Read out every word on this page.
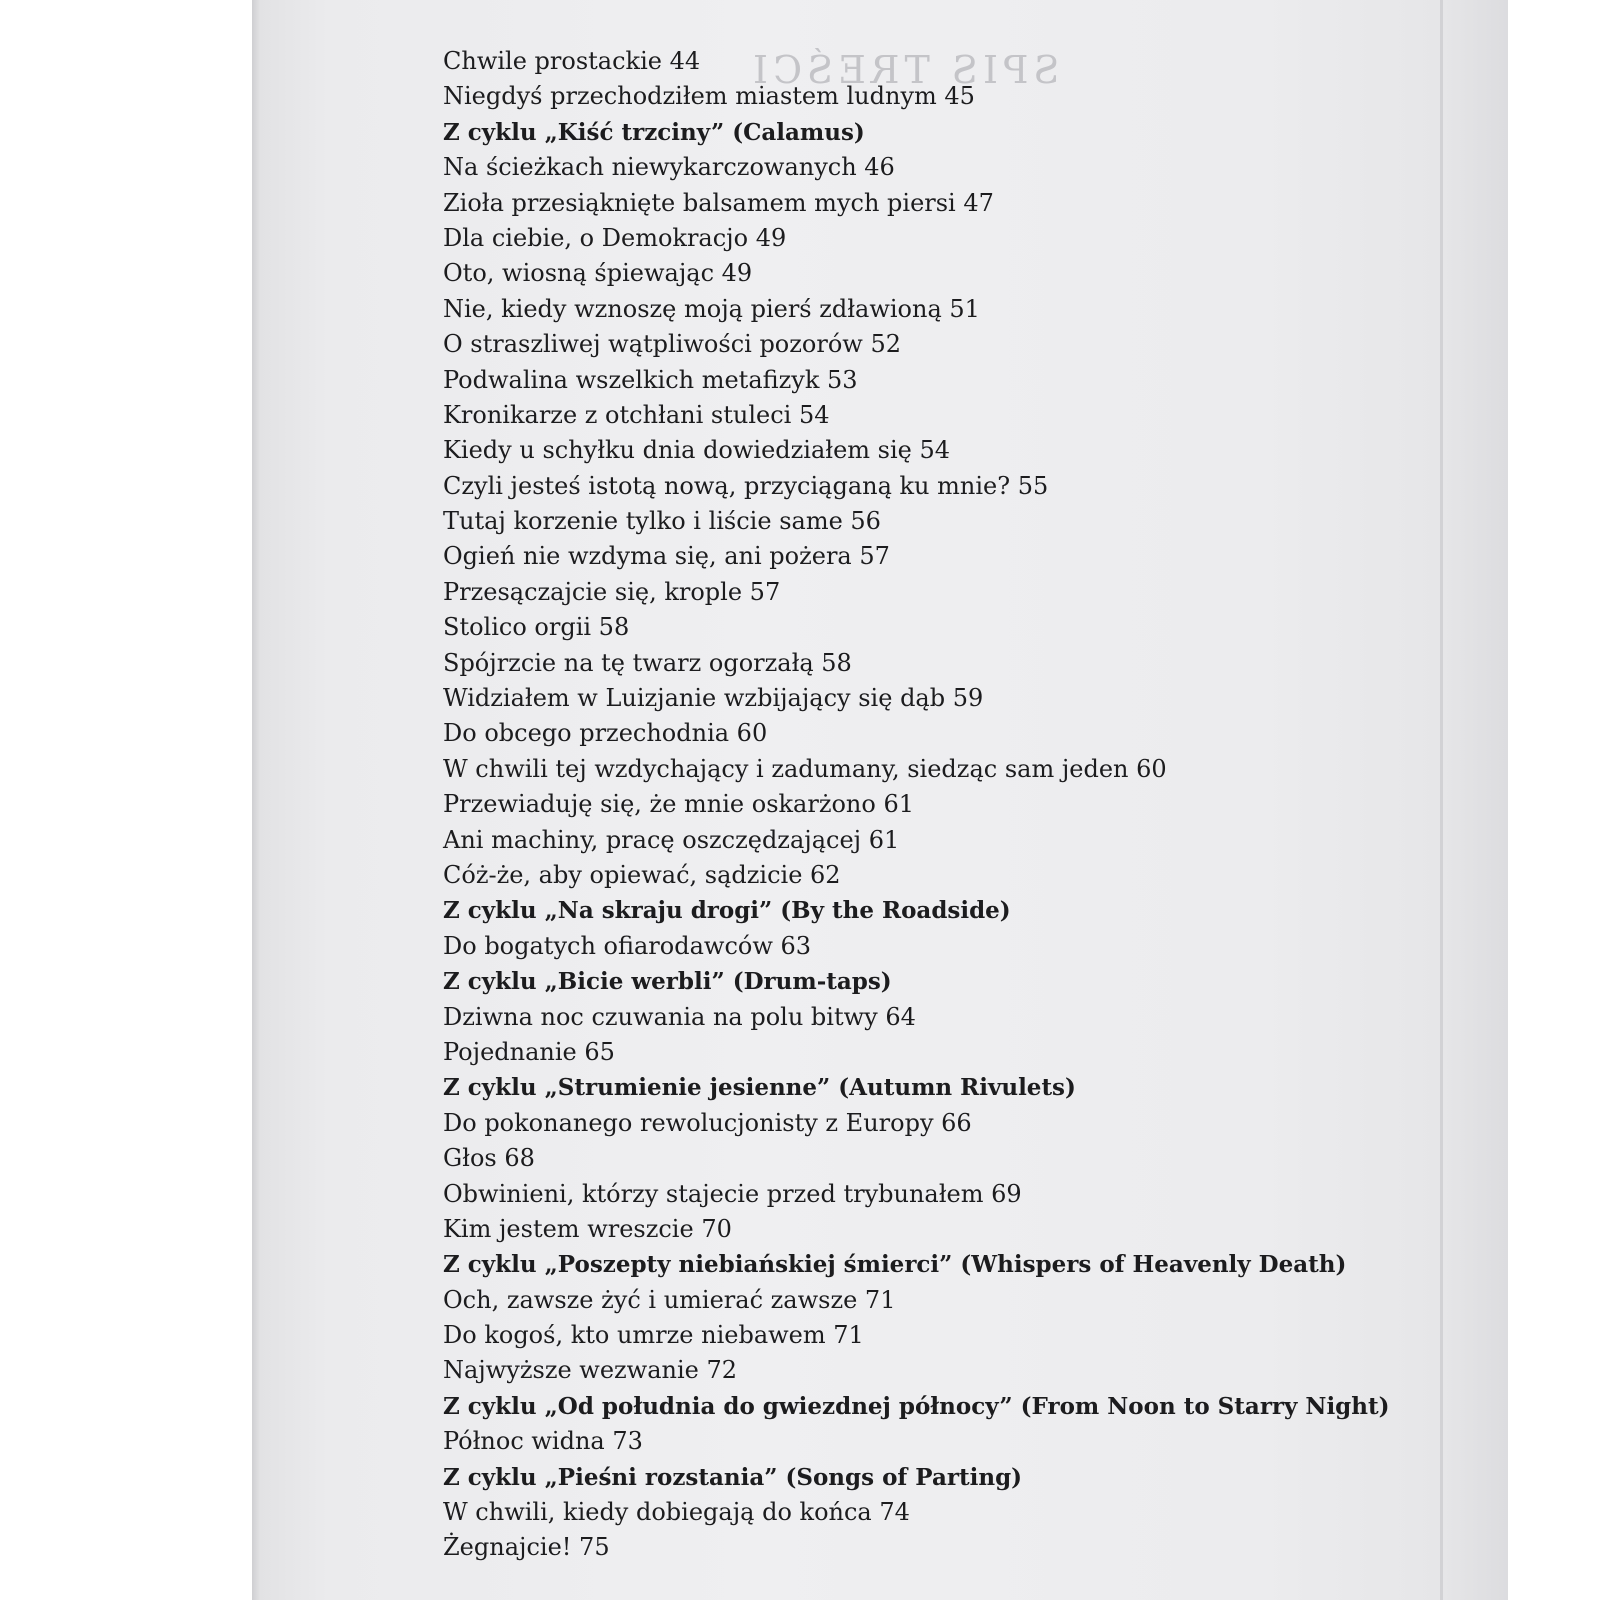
SPIS TREŚCI
Chwile prostackie 44
Niegdyś przechodziłem miastem ludnym 45
Z cyklu „Kiść trzciny” (Calamus)
Na ścieżkach niewykarczowanych 46
Zioła przesiąknięte balsamem mych piersi 47
Dla ciebie, o Demokracjo 49
Oto, wiosną śpiewając 49
Nie, kiedy wznoszę moją pierś zdławioną 51
O straszliwej wątpliwości pozorów 52
Podwalina wszelkich metafizyk 53
Kronikarze z otchłani stuleci 54
Kiedy u schyłku dnia dowiedziałem się 54
Czyli jesteś istotą nową, przyciąganą ku mnie? 55
Tutaj korzenie tylko i liście same 56
Ogień nie wzdyma się, ani pożera 57
Przesączajcie się, krople 57
Stolico orgii 58
Spójrzcie na tę twarz ogorzałą 58
Widziałem w Luizjanie wzbijający się dąb 59
Do obcego przechodnia 60
W chwili tej wzdychający i zadumany, siedząc sam jeden 60
Przewiaduję się, że mnie oskarżono 61
Ani machiny, pracę oszczędzającej 61
Cóż-że, aby opiewać, sądzicie 62
Z cyklu „Na skraju drogi” (By the Roadside)
Do bogatych ofiarodawców 63
Z cyklu „Bicie werbli” (Drum-taps)
Dziwna noc czuwania na polu bitwy 64
Pojednanie 65
Z cyklu „Strumienie jesienne” (Autumn Rivulets)
Do pokonanego rewolucjonisty z Europy 66
Głos 68
Obwinieni, którzy stajecie przed trybunałem 69
Kim jestem wreszcie 70
Z cyklu „Poszepty niebiańskiej śmierci” (Whispers of Heavenly Death)
Och, zawsze żyć i umierać zawsze 71
Do kogoś, kto umrze niebawem 71
Najwyższe wezwanie 72
Z cyklu „Od południa do gwiezdnej północy” (From Noon to Starry Night)
Północ widna 73
Z cyklu „Pieśni rozstania” (Songs of Parting)
W chwili, kiedy dobiegają do końca 74
Żegnajcie! 75
